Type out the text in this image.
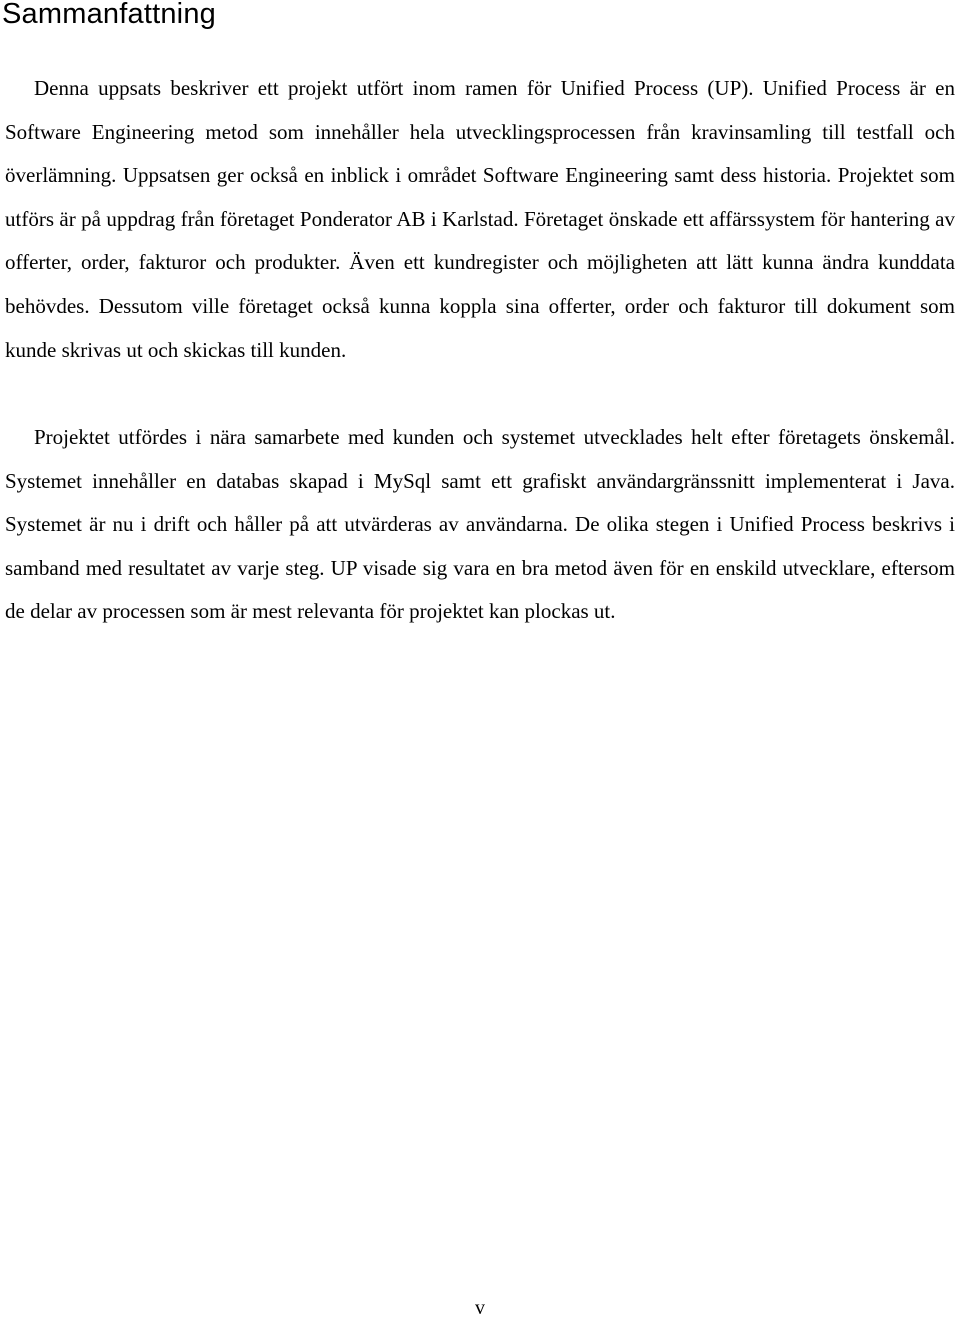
Sammanfattning

Denna uppsats beskriver ett projekt utfört inom ramen för Unified Process (UP). Unified Process är en Software Engineering metod som innehåller hela utvecklingsprocessen från kravinsamling till testfall och överlämning. Uppsatsen ger också en inblick i området Software Engineering samt dess historia. Projektet som utförs är på uppdrag från företaget Ponderator AB i Karlstad. Företaget önskade ett affärssystem för hantering av offerter, order, fakturor och produkter. Även ett kundregister och möjligheten att lätt kunna ändra kunddata behövdes. Dessutom ville företaget också kunna koppla sina offerter, order och fakturor till dokument som kunde skrivas ut och skickas till kunden.

Projektet utfördes i nära samarbete med kunden och systemet utvecklades helt efter företagets önskemål. Systemet innehåller en databas skapad i MySql samt ett grafiskt användargränssnitt implementerat i Java. Systemet är nu i drift och håller på att utvärderas av användarna. De olika stegen i Unified Process beskrivs i samband med resultatet av varje steg. UP visade sig vara en bra metod även för en enskild utvecklare, eftersom de delar av processen som är mest relevanta för projektet kan plockas ut.

v
